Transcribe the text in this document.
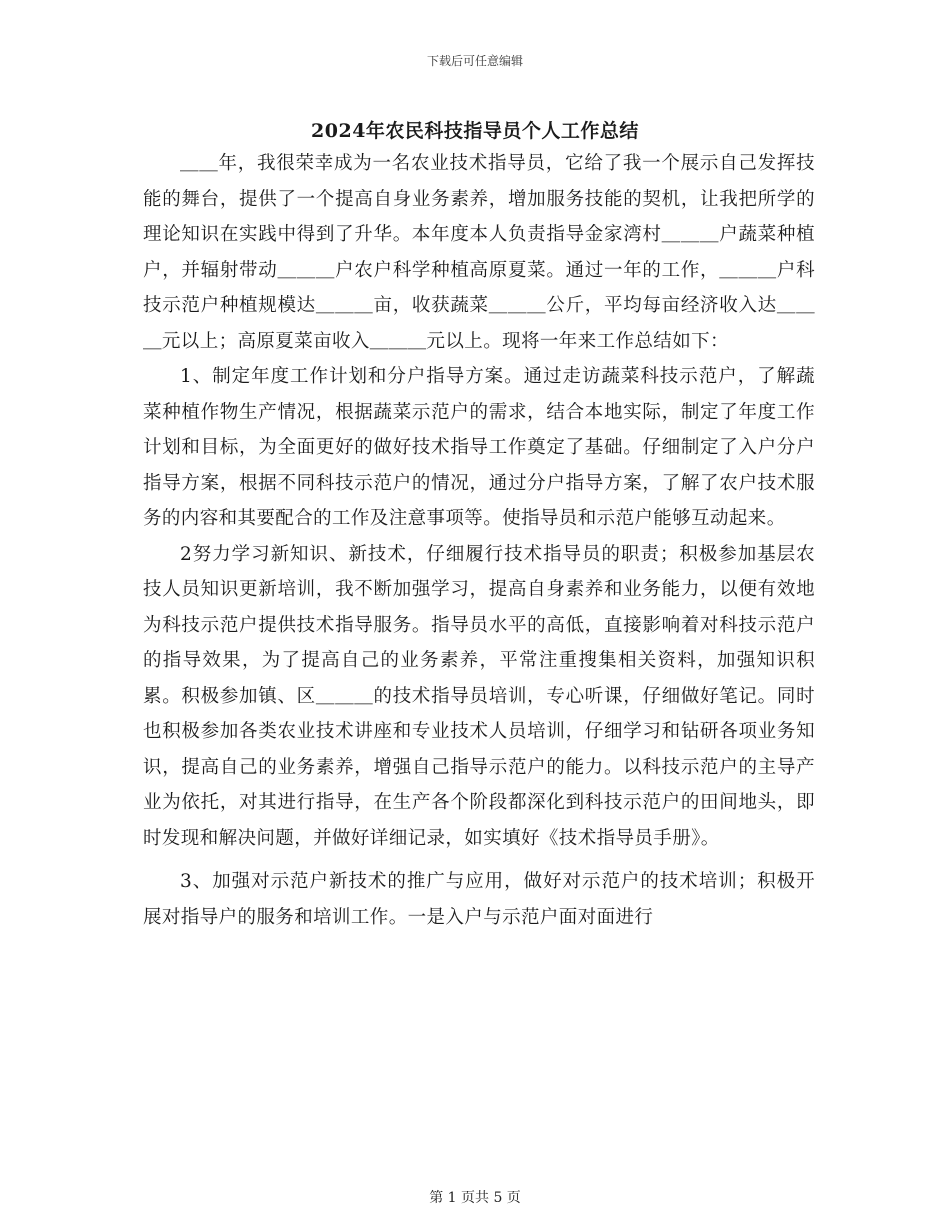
下载后可任意编辑
2024年农民科技指导员个人工作总结

＿＿年，我很荣幸成为一名农业技术指导员，它给了我一个展示自己发挥技能的舞台，提供了一个提高自身业务素养，增加服务技能的契机，让我把所学的理论知识在实践中得到了升华。本年度本人负责指导金家湾村＿＿＿户蔬菜种植户，并辐射带动＿＿＿户农户科学种植高原夏菜。通过一年的工作，＿＿＿户科技示范户种植规模达＿＿＿亩，收获蔬菜＿＿＿公斤，平均每亩经济收入达＿＿＿元以上；高原夏菜亩收入＿＿＿元以上。现将一年来工作总结如下：

1、制定年度工作计划和分户指导方案。通过走访蔬菜科技示范户，了解蔬菜种植作物生产情况，根据蔬菜示范户的需求，结合本地实际，制定了年度工作计划和目标，为全面更好的做好技术指导工作奠定了基础。仔细制定了入户分户指导方案，根据不同科技示范户的情况，通过分户指导方案，了解了农户技术服务的内容和其要配合的工作及注意事项等。使指导员和示范户能够互动起来。

2努力学习新知识、新技术，仔细履行技术指导员的职责；积极参加基层农技人员知识更新培训，我不断加强学习，提高自身素养和业务能力，以便有效地为科技示范户提供技术指导服务。指导员水平的高低，直接影响着对科技示范户的指导效果，为了提高自己的业务素养，平常注重搜集相关资料，加强知识积累。积极参加镇、区＿＿＿的技术指导员培训，专心听课，仔细做好笔记。同时也积极参加各类农业技术讲座和专业技术人员培训，仔细学习和钻研各项业务知识，提高自己的业务素养，增强自己指导示范户的能力。以科技示范户的主导产业为依托，对其进行指导，在生产各个阶段都深化到科技示范户的田间地头，即时发现和解决问题，并做好详细记录，如实填好《技术指导员手册》。

3、加强对示范户新技术的推广与应用，做好对示范户的技术培训；积极开展对指导户的服务和培训工作。一是入户与示范户面对面进行

第 1 页共 5 页
